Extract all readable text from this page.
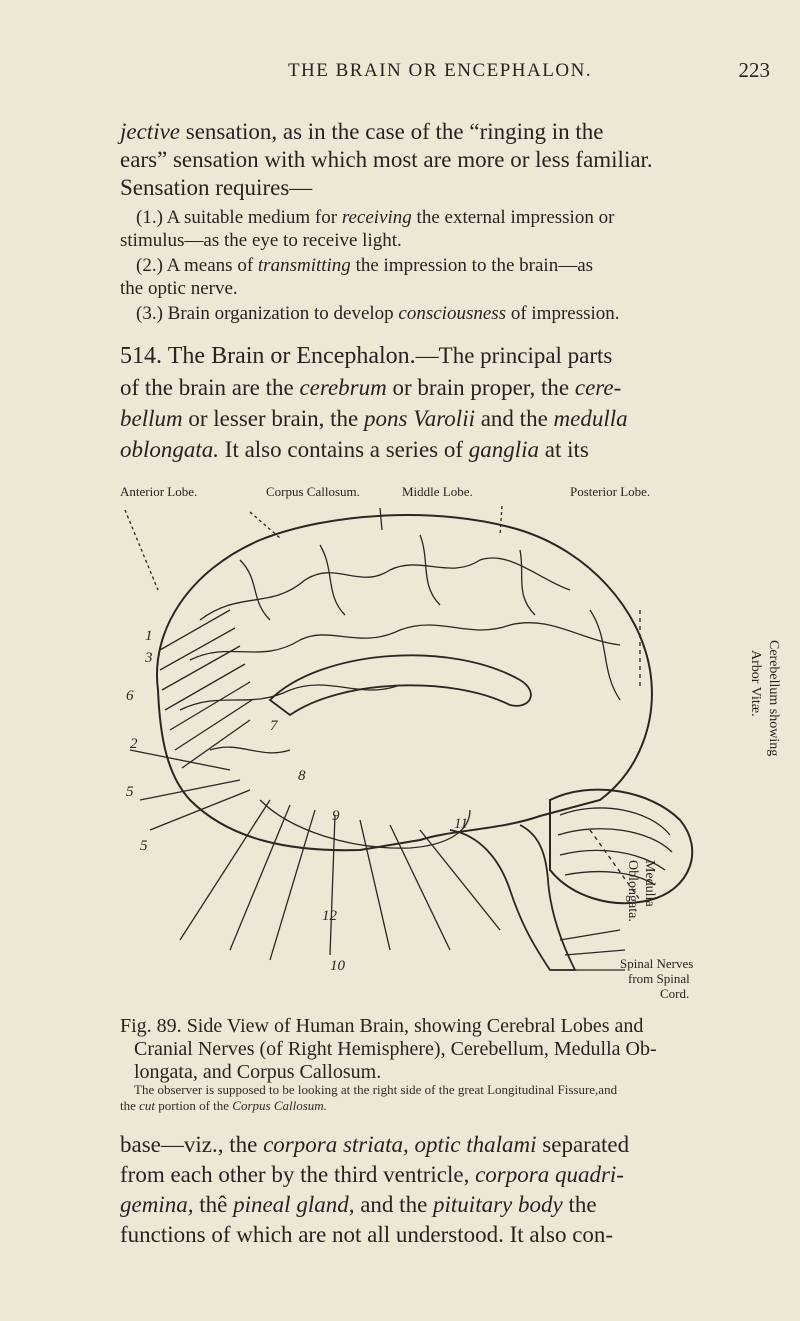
THE BRAIN OR ENCEPHALON.	223

jective sensation, as in the case of the “ringing in the
ears” sensation with which most are more or less familiar.
Sensation requires—

(1.) A suitable medium for receiving the external impression or
stimulus—as the eye to receive light.

(2.) A means of transmitting the impression to the brain—as
the optic nerve.

(3.) Brain organization to develop consciousness of impression.

514. The Brain or Encephalon.—The principal parts
of the brain are the cerebrum or brain proper, the cere-
bellum or lesser brain, the pons Varolii and the medulla
oblongata. It also contains a series of ganglia at its

Anterior Lobe.	Corpus Callosum.	Middle Lobe.	Posterior Lobe.
1
3
6
2
5
5
7
8
9	11
12
10
Cerebellum showing
Arbor Vitæ.
Medulla
Oblongata.
Spinal Nerves
from Spinal
Cord.

Fig. 89. Side View of Human Brain, showing Cerebral Lobes and
Cranial Nerves (of Right Hemisphere), Cerebellum, Medulla Ob-
longata, and Corpus Callosum.

The observer is supposed to be looking at the right side of the great Longitudinal Fissure,and
the cut portion of the Corpus Callosum.

base—viz., the corpora striata, optic thalami separated
from each other by the third ventricle, corpora quadri-
gemina, thê pineal gland, and the pituitary body the
functions of which are not all understood. It also con-
